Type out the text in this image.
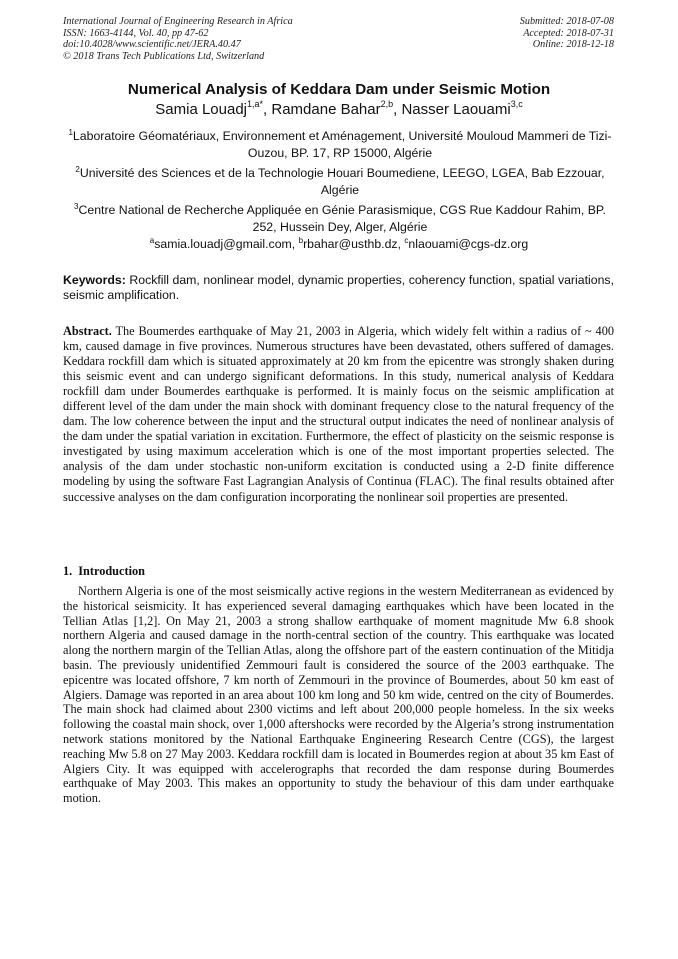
International Journal of Engineering Research in Africa
ISSN: 1663-4144, Vol. 40, pp 47-62
doi:10.4028/www.scientific.net/JERA.40.47
© 2018 Trans Tech Publications Ltd, Switzerland
Submitted: 2018-07-08
Accepted: 2018-07-31
Online: 2018-12-18
Numerical Analysis of Keddara Dam under Seismic Motion
Samia Louadj$^{1,a*}$, Ramdane Bahar$^{2,b}$, Nasser Laouami$^{3,c}$
$^1$Laboratoire Géomatériaux, Environnement et Aménagement, Université Mouloud Mammeri de Tizi-Ouzou, BP. 17, RP 15000, Algérie
$^2$Université des Sciences et de la Technologie Houari Boumediene, LEEGO, LGEA, Bab Ezzouar, Algérie
$^3$Centre National de Recherche Appliquée en Génie Parasismique, CGS Rue Kaddour Rahim, BP. 252, Hussein Dey, Alger, Algérie
$^a$samia.louadj@gmail.com, $^b$rbahar@usthb.dz, $^c$nlaouami@cgs-dz.org
Keywords: Rockfill dam, nonlinear model, dynamic properties, coherency function, spatial variations, seismic amplification.

Abstract. The Boumerdes earthquake of May 21, 2003 in Algeria, which widely felt within a radius of ~ 400 km, caused damage in five provinces. Numerous structures have been devastated, others suffered of damages. Keddara rockfill dam which is situated approximately at 20 km from the epicentre was strongly shaken during this seismic event and can undergo significant deformations. In this study, numerical analysis of Keddara rockfill dam under Boumerdes earthquake is performed. It is mainly focus on the seismic amplification at different level of the dam under the main shock with dominant frequency close to the natural frequency of the dam. The low coherence between the input and the structural output indicates the need of nonlinear analysis of the dam under the spatial variation in excitation. Furthermore, the effect of plasticity on the seismic response is investigated by using maximum acceleration which is one of the most important properties selected. The analysis of the dam under stochastic non-uniform excitation is conducted using a 2-D finite difference modeling by using the software Fast Lagrangian Analysis of Continua (FLAC). The final results obtained after successive analyses on the dam configuration incorporating the nonlinear soil properties are presented.

1. Introduction

Northern Algeria is one of the most seismically active regions in the western Mediterranean as evidenced by the historical seismicity. It has experienced several damaging earthquakes which have been located in the Tellian Atlas [1,2]. On May 21, 2003 a strong shallow earthquake of moment magnitude Mw 6.8 shook northern Algeria and caused damage in the north-central section of the country. This earthquake was located along the northern margin of the Tellian Atlas, along the offshore part of the eastern continuation of the Mitidja basin. The previously unidentified Zemmouri fault is considered the source of the 2003 earthquake. The epicentre was located offshore, 7 km north of Zemmouri in the province of Boumerdes, about 50 km east of Algiers. Damage was reported in an area about 100 km long and 50 km wide, centred on the city of Boumerdes. The main shock had claimed about 2300 victims and left about 200,000 people homeless. In the six weeks following the coastal main shock, over 1,000 aftershocks were recorded by the Algeria’s strong instrumentation network stations monitored by the National Earthquake Engineering Research Centre (CGS), the largest reaching Mw 5.8 on 27 May 2003. Keddara rockfill dam is located in Boumerdes region at about 35 km East of Algiers City. It was equipped with accelerographs that recorded the dam response during Boumerdes earthquake of May 2003. This makes an opportunity to study the behaviour of this dam under earthquake motion.
